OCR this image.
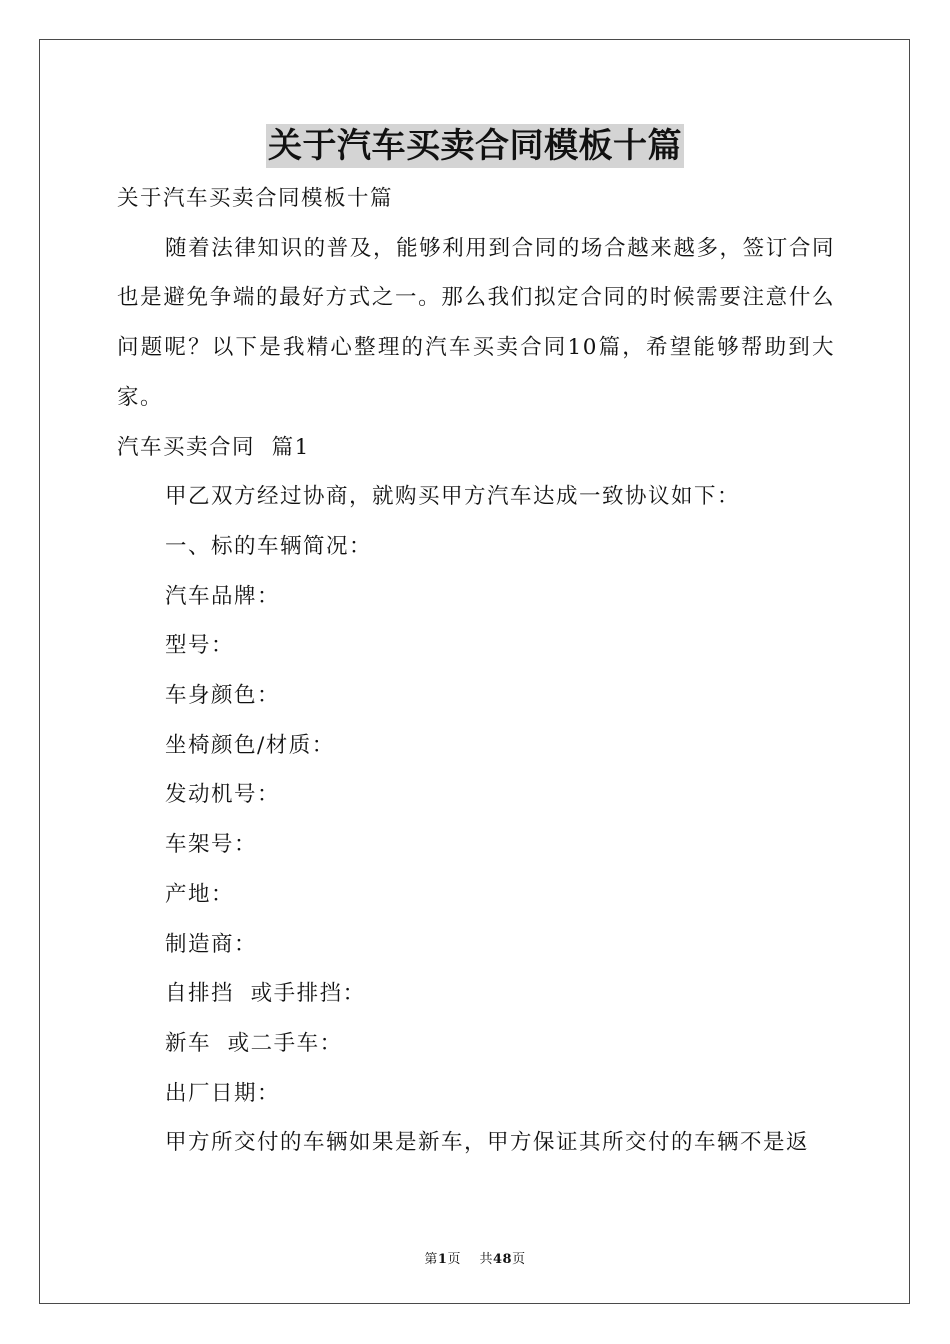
关于汽车买卖合同模板十篇

关于汽车买卖合同模板十篇

随着法律知识的普及，能够利用到合同的场合越来越多，签订合同也是避免争端的最好方式之一。那么我们拟定合同的时候需要注意什么问题呢？以下是我精心整理的汽车买卖合同10篇，希望能够帮助到大家。

汽车买卖合同  篇1

甲乙双方经过协商，就购买甲方汽车达成一致协议如下：

一、标的车辆简况：

汽车品牌：

型号：

车身颜色：

坐椅颜色/材质：

发动机号：

车架号：

产地：

制造商：

自排挡  或手排挡：

新车  或二手车：

出厂日期：

甲方所交付的车辆如果是新车，甲方保证其所交付的车辆不是返

第1页 共48页
